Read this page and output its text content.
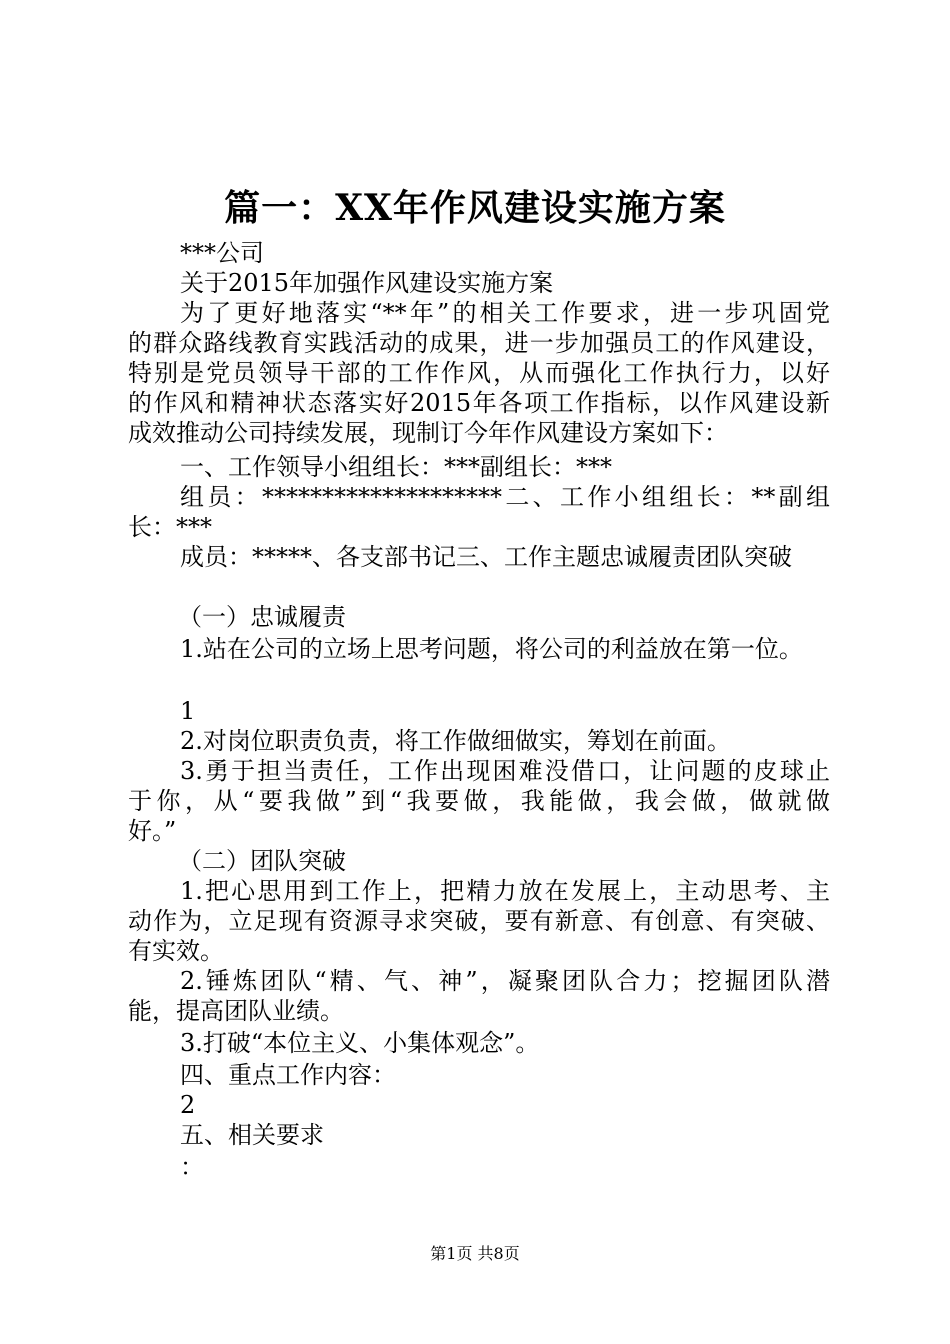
篇一：XX年作风建设实施方案
***公司
关于2015年加强作风建设实施方案
为了更好地落实“**年”的相关工作要求，进一步巩固党
的群众路线教育实践活动的成果，进一步加强员工的作风建设，
特别是党员领导干部的工作作风，从而强化工作执行力，以好
的作风和精神状态落实好2015年各项工作指标，以作风建设新
成效推动公司持续发展，现制订今年作风建设方案如下：
一、工作领导小组组长：***副组长：***
组员：********************二、工作小组组长：**副组
长：***
成员：*****、各支部书记三、工作主题忠诚履责团队突破
（一）忠诚履责
1.站在公司的立场上思考问题，将公司的利益放在第一位。
1
2.对岗位职责负责，将工作做细做实，筹划在前面。
3.勇于担当责任，工作出现困难没借口，让问题的皮球止
于你，从“要我做”到“我要做，我能做，我会做，做就做
好。”
（二）团队突破
1.把心思用到工作上，把精力放在发展上，主动思考、主
动作为，立足现有资源寻求突破，要有新意、有创意、有突破、
有实效。
2.锤炼团队“精、气、神”，凝聚团队合力；挖掘团队潜
能，提高团队业绩。
3.打破“本位主义、小集体观念”。
四、重点工作内容：
2
五、相关要求
：
第1页 共8页
